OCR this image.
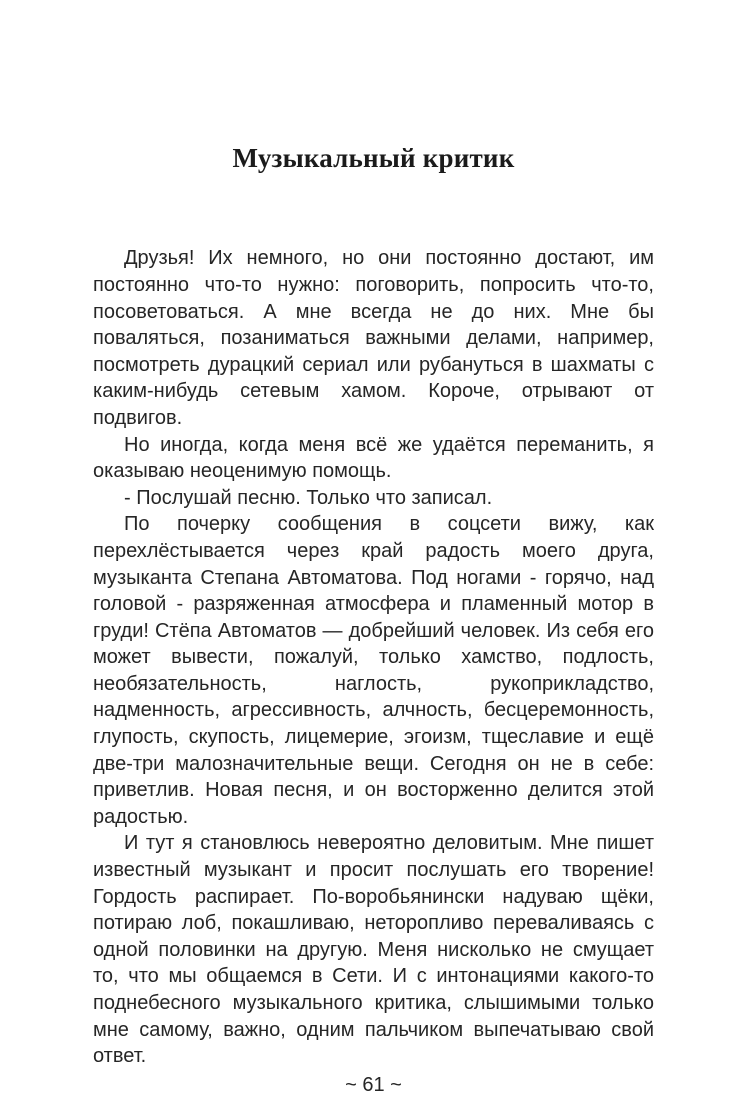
Музыкальный критик

Друзья! Их немного, но они постоянно достают, им постоянно что-то нужно: поговорить, попросить что-то, посоветоваться. А мне всегда не до них. Мне бы поваляться, позаниматься важными делами, например, посмотреть дурацкий сериал или рубануться в шахматы с каким-нибудь сетевым хамом. Короче, отрывают от подвигов.

Но иногда, когда меня всё же удаётся переманить, я оказываю неоценимую помощь.

- Послушай песню. Только что записал.

По почерку сообщения в соцсети вижу, как перехлёстывается через край радость моего друга, музыканта Степана Автоматова. Под ногами - горячо, над головой - разряженная атмосфера и пламенный мотор в груди! Стёпа Автоматов — добрейший человек. Из себя его может вывести, пожалуй, только хамство, подлость, необязательность, наглость, рукоприкладство, надменность, агрессивность, алчность, бесцеремонность, глупость, скупость, лицемерие, эгоизм, тщеславие и ещё две-три малозначительные вещи. Сегодня он не в себе: приветлив. Новая песня, и он восторженно делится этой радостью.

И тут я становлюсь невероятно деловитым. Мне пишет известный музыкант и просит послушать его творение! Гордость распирает. По-воробьянински надуваю щёки, потираю лоб, покашливаю, неторопливо переваливаясь с одной половинки на другую. Меня нисколько не смущает то, что мы общаемся в Сети. И с интонациями какого-то поднебесного музыкального критика, слышимыми только мне самому, важно, одним пальчиком выпечатываю свой ответ.

~ 61 ~
